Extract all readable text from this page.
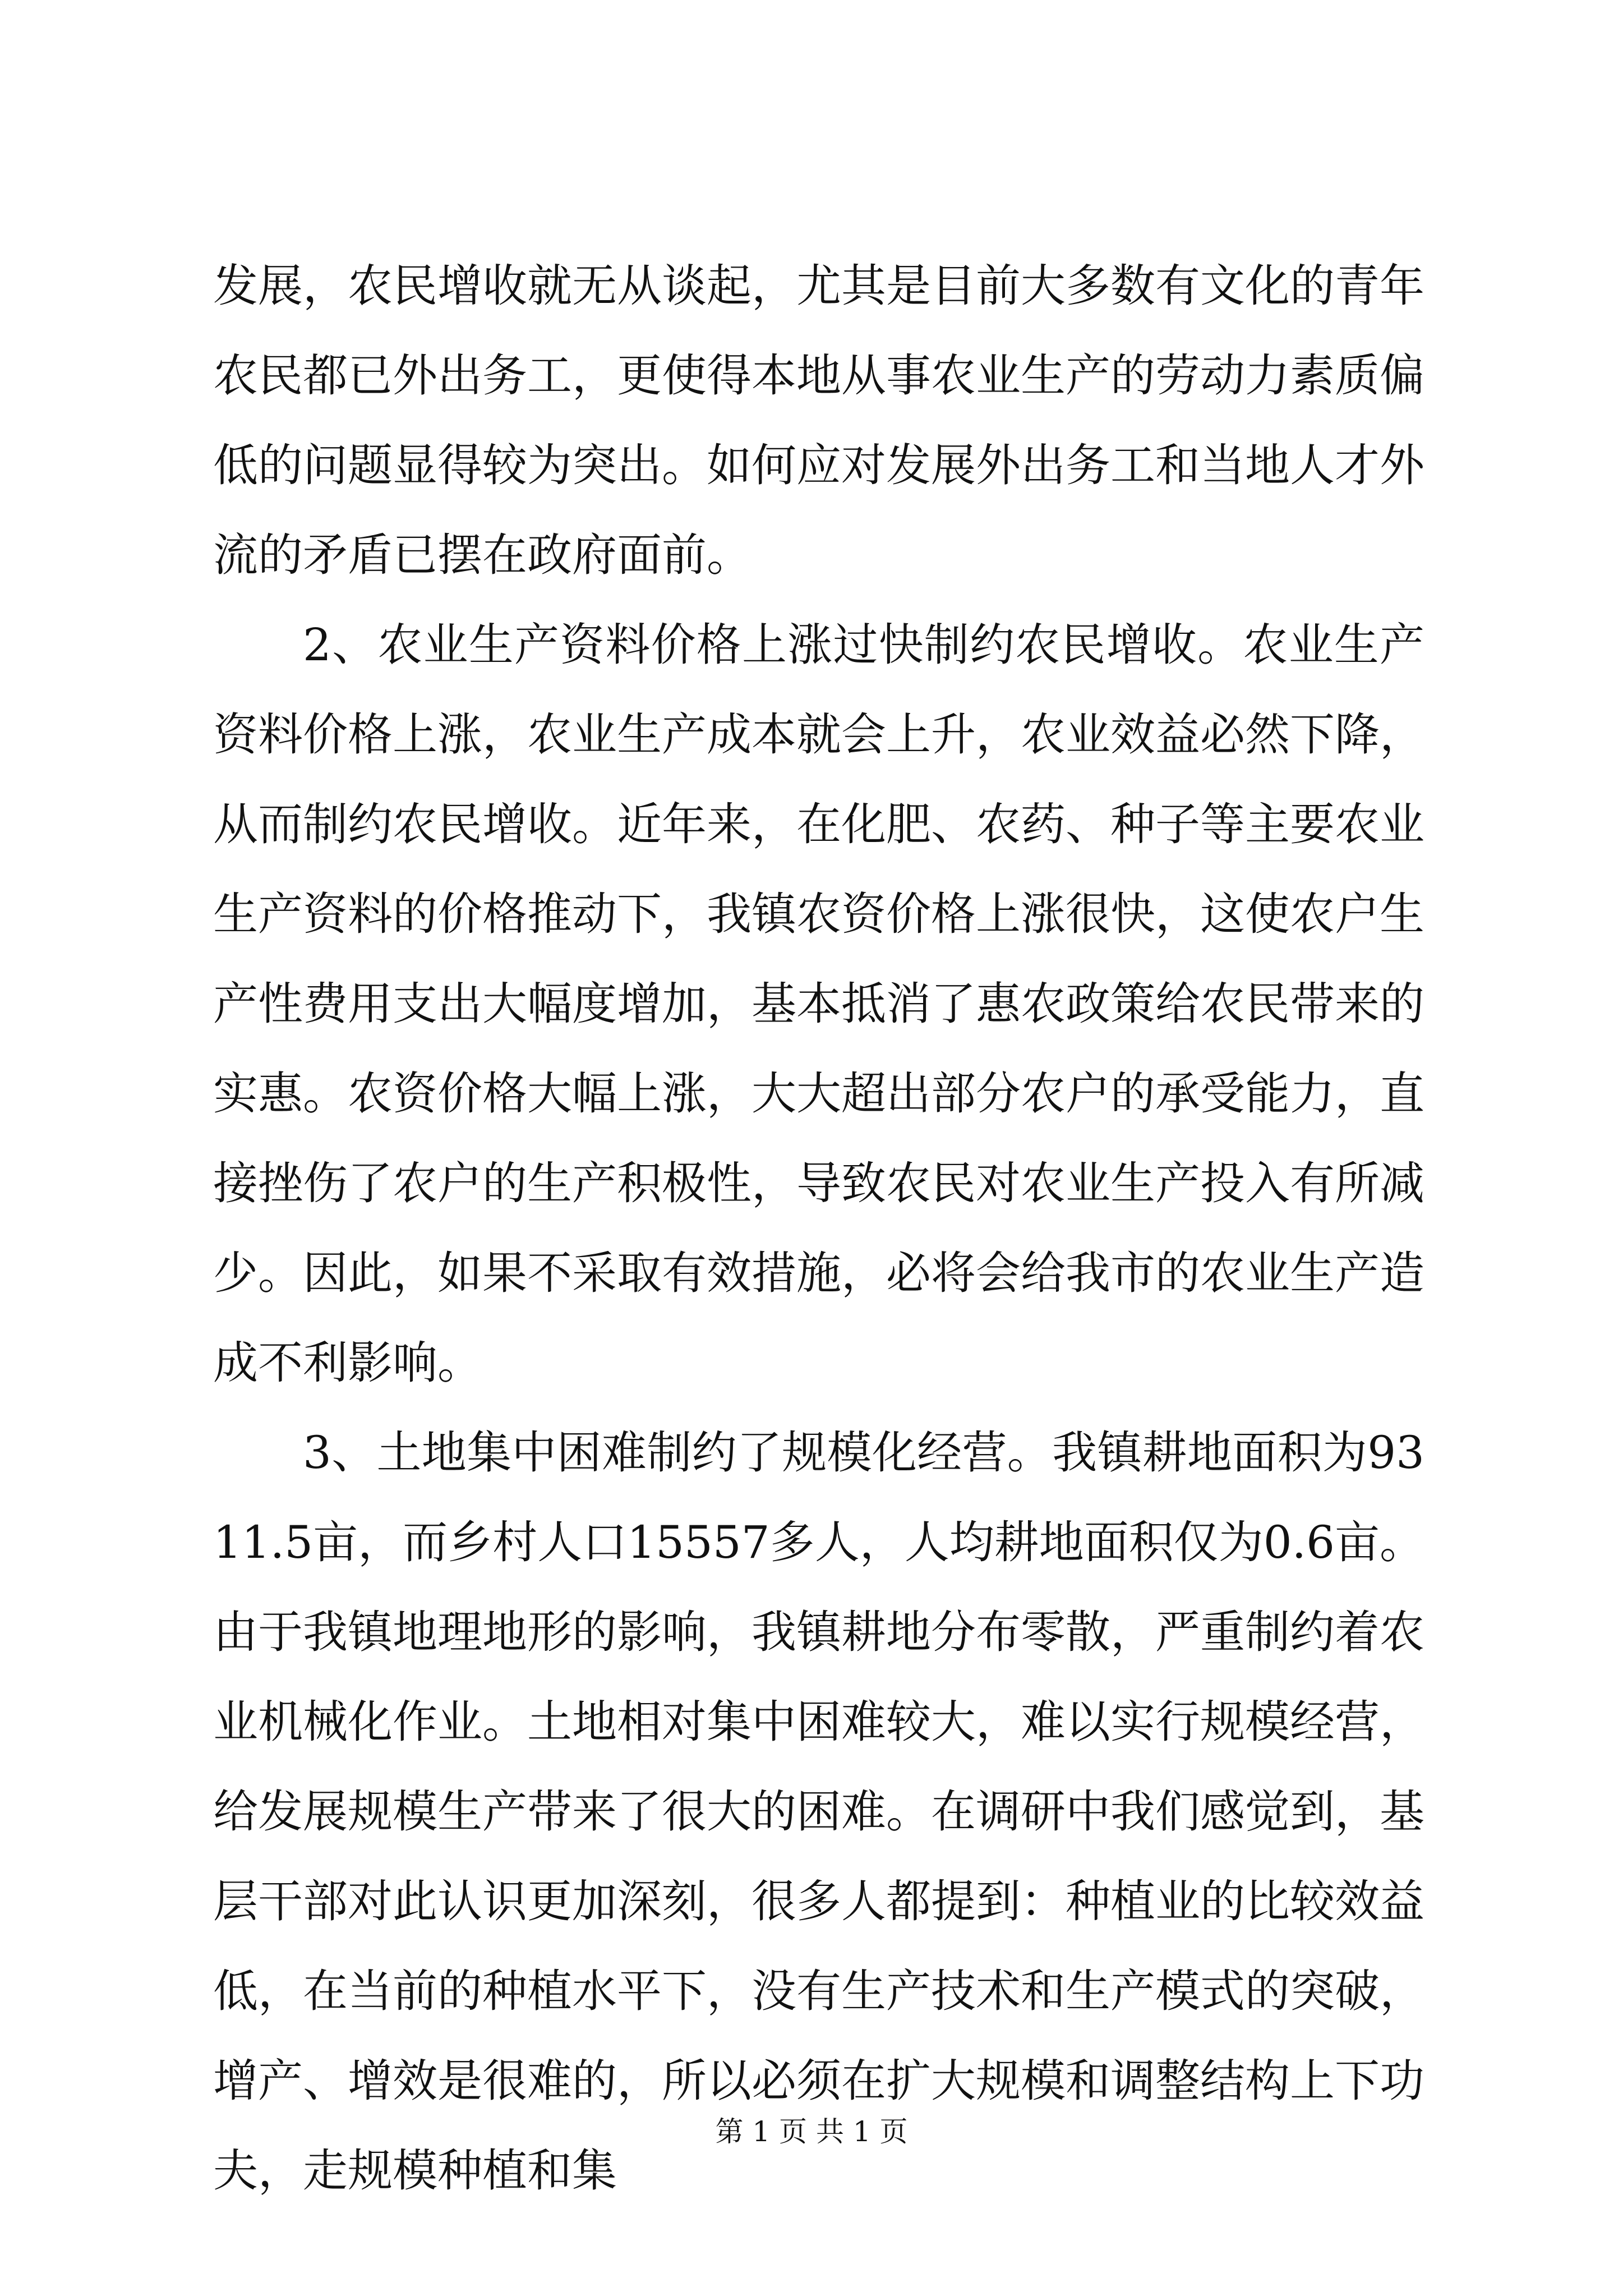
发展，农民增收就无从谈起，尤其是目前大多数有文化的青年农民都已外出务工，更使得本地从事农业生产的劳动力素质偏低的问题显得较为突出。如何应对发展外出务工和当地人才外流的矛盾已摆在政府面前。

2、农业生产资料价格上涨过快制约农民增收。农业生产资料价格上涨，农业生产成本就会上升，农业效益必然下降，从而制约农民增收。近年来，在化肥、农药、种子等主要农业生产资料的价格推动下，我镇农资价格上涨很快，这使农户生产性费用支出大幅度增加，基本抵消了惠农政策给农民带来的实惠。农资价格大幅上涨，大大超出部分农户的承受能力，直接挫伤了农户的生产积极性，导致农民对农业生产投入有所减少。因此，如果不采取有效措施，必将会给我市的农业生产造成不利影响。

3、土地集中困难制约了规模化经营。我镇耕地面积为9311.5亩，而乡村人口15557多人，人均耕地面积仅为0.6亩。由于我镇地理地形的影响，我镇耕地分布零散，严重制约着农业机械化作业。土地相对集中困难较大，难以实行规模经营，给发展规模生产带来了很大的困难。在调研中我们感觉到，基层干部对此认识更加深刻，很多人都提到：种植业的比较效益低，在当前的种植水平下，没有生产技术和生产模式的突破，增产、增效是很难的，所以必须在扩大规模和调整结构上下功夫，走规模种植和集

第 1 页 共 1 页
